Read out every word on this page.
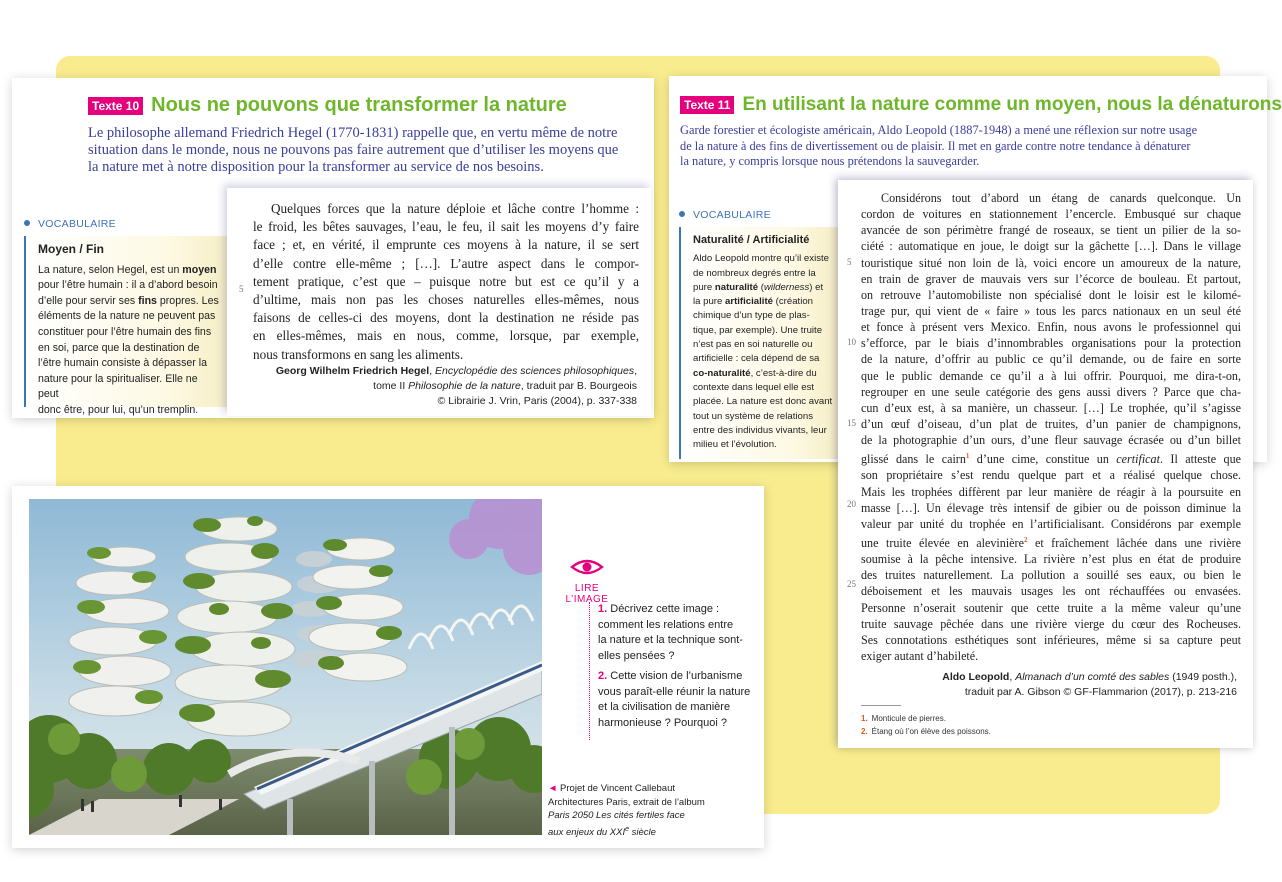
Texte 10 Nous ne pouvons que transformer la nature
Le philosophe allemand Friedrich Hegel (1770-1831) rappelle que, en vertu même de notre
situation dans le monde, nous ne pouvons pas faire autrement que d’utiliser les moyens que
la nature met à notre disposition pour la transformer au service de nos besoins.
VOCABULAIRE
Moyen / Fin
La nature, selon Hegel, est un moyen
pour l’être humain : il a d’abord besoin
d’elle pour servir ses fins propres. Les
éléments de la nature ne peuvent pas
constituer pour l’être humain des fins
en soi, parce que la destination de
l’être humain consiste à dépasser la
nature pour la spiritualiser. Elle ne peut
donc être, pour lui, qu’un tremplin.
5
Quelques forces que la nature déploie et lâche contre l’homme :
le froid, les bêtes sauvages, l’eau, le feu, il sait les moyens d’y faire
face ; et, en vérité, il emprunte ces moyens à la nature, il se sert
d’elle contre elle-même ; […]. L’autre aspect dans le compor-
tement pratique, c’est que – puisque notre but est ce qu’il y a
d’ultime, mais non pas les choses naturelles elles-mêmes, nous
faisons de celles-ci des moyens, dont la destination ne réside pas
en elles-mêmes, mais en nous, comme, lorsque, par exemple,
nous transformons en sang les aliments.
Georg Wilhelm Friedrich Hegel, Encyclopédie des sciences philosophiques,
tome II Philosophie de la nature, traduit par B. Bourgeois
© Librairie J. Vrin, Paris (2004), p. 337-338
Texte 11 En utilisant la nature comme un moyen, nous la dénaturons
Garde forestier et écologiste américain, Aldo Leopold (1887-1948) a mené une réflexion sur notre usage
de la nature à des fins de divertissement ou de plaisir. Il met en garde contre notre tendance à dénaturer
la nature, y compris lorsque nous prétendons la sauvegarder.
VOCABULAIRE
Naturalité / Artificialité
Aldo Leopold montre qu’il existe
de nombreux degrés entre la
pure naturalité (wilderness) et
la pure artificialité (création
chimique d’un type de plas-
tique, par exemple). Une truite
n’est pas en soi naturelle ou
artificielle : cela dépend de sa
co-naturalité, c’est-à-dire du
contexte dans lequel elle est
placée. La nature est donc avant
tout un système de relations
entre des individus vivants, leur
milieu et l’évolution.
5
10
15
20
25
Considérons tout d’abord un étang de canards quelconque. Un
cordon de voitures en stationnement l’encercle. Embusqué sur chaque
avancée de son périmètre frangé de roseaux, se tient un pilier de la so-
ciété : automatique en joue, le doigt sur la gâchette […]. Dans le village
touristique situé non loin de là, voici encore un amoureux de la nature,
en train de graver de mauvais vers sur l’écorce de bouleau. Et partout,
on retrouve l’automobiliste non spécialisé dont le loisir est le kilomé-
trage pur, qui vient de « faire » tous les parcs nationaux en un seul été
et fonce à présent vers Mexico. Enfin, nous avons le professionnel qui
s’efforce, par le biais d’innombrables organisations pour la protection
de la nature, d’offrir au public ce qu’il demande, ou de faire en sorte
que le public demande ce qu’il a à lui offrir. Pourquoi, me dira-t-on,
regrouper en une seule catégorie des gens aussi divers ? Parce que cha-
cun d’eux est, à sa manière, un chasseur. […] Le trophée, qu’il s’agisse
d’un œuf d’oiseau, d’un plat de truites, d’un panier de champignons,
de la photographie d’un ours, d’une fleur sauvage écrasée ou d’un billet
glissé dans le cairn$^1$ d’une cime, constitue un certificat. Il atteste que
son propriétaire s’est rendu quelque part et a réalisé quelque chose.
Mais les trophées diffèrent par leur manière de réagir à la poursuite en
masse […]. Un élevage très intensif de gibier ou de poisson diminue la
valeur par unité du trophée en l’artificialisant. Considérons par exemple
une truite élevée en alevinière$^2$ et fraîchement lâchée dans une rivière
soumise à la pêche intensive. La rivière n’est plus en état de produire
des truites naturellement. La pollution a souillé ses eaux, ou bien le
déboisement et les mauvais usages les ont réchauffées ou envasées.
Personne n’oserait soutenir que cette truite a la même valeur qu’une
truite sauvage pêchée dans une rivière vierge du cœur des Rocheuses.
Ses connotations esthétiques sont inférieures, même si sa capture peut
exiger autant d’habileté.
Aldo Leopold, Almanach d’un comté des sables (1949 posth.),
traduit par A. Gibson © GF-Flammarion (2017), p. 213-216
1. Monticule de pierres.
2. Étang où l’on élève des poissons.
LIRE L’IMAGE
1. Décrivez cette image :
comment les relations entre
la nature et la technique sont-
elles pensées ?
2. Cette vision de l’urbanisme
vous paraît-elle réunir la nature
et la civilisation de manière
harmonieuse ? Pourquoi ?
◄ Projet de Vincent Callebaut
Architectures Paris, extrait de l’album
Paris 2050 Les cités fertiles face
aux enjeux du XXIe siècle
